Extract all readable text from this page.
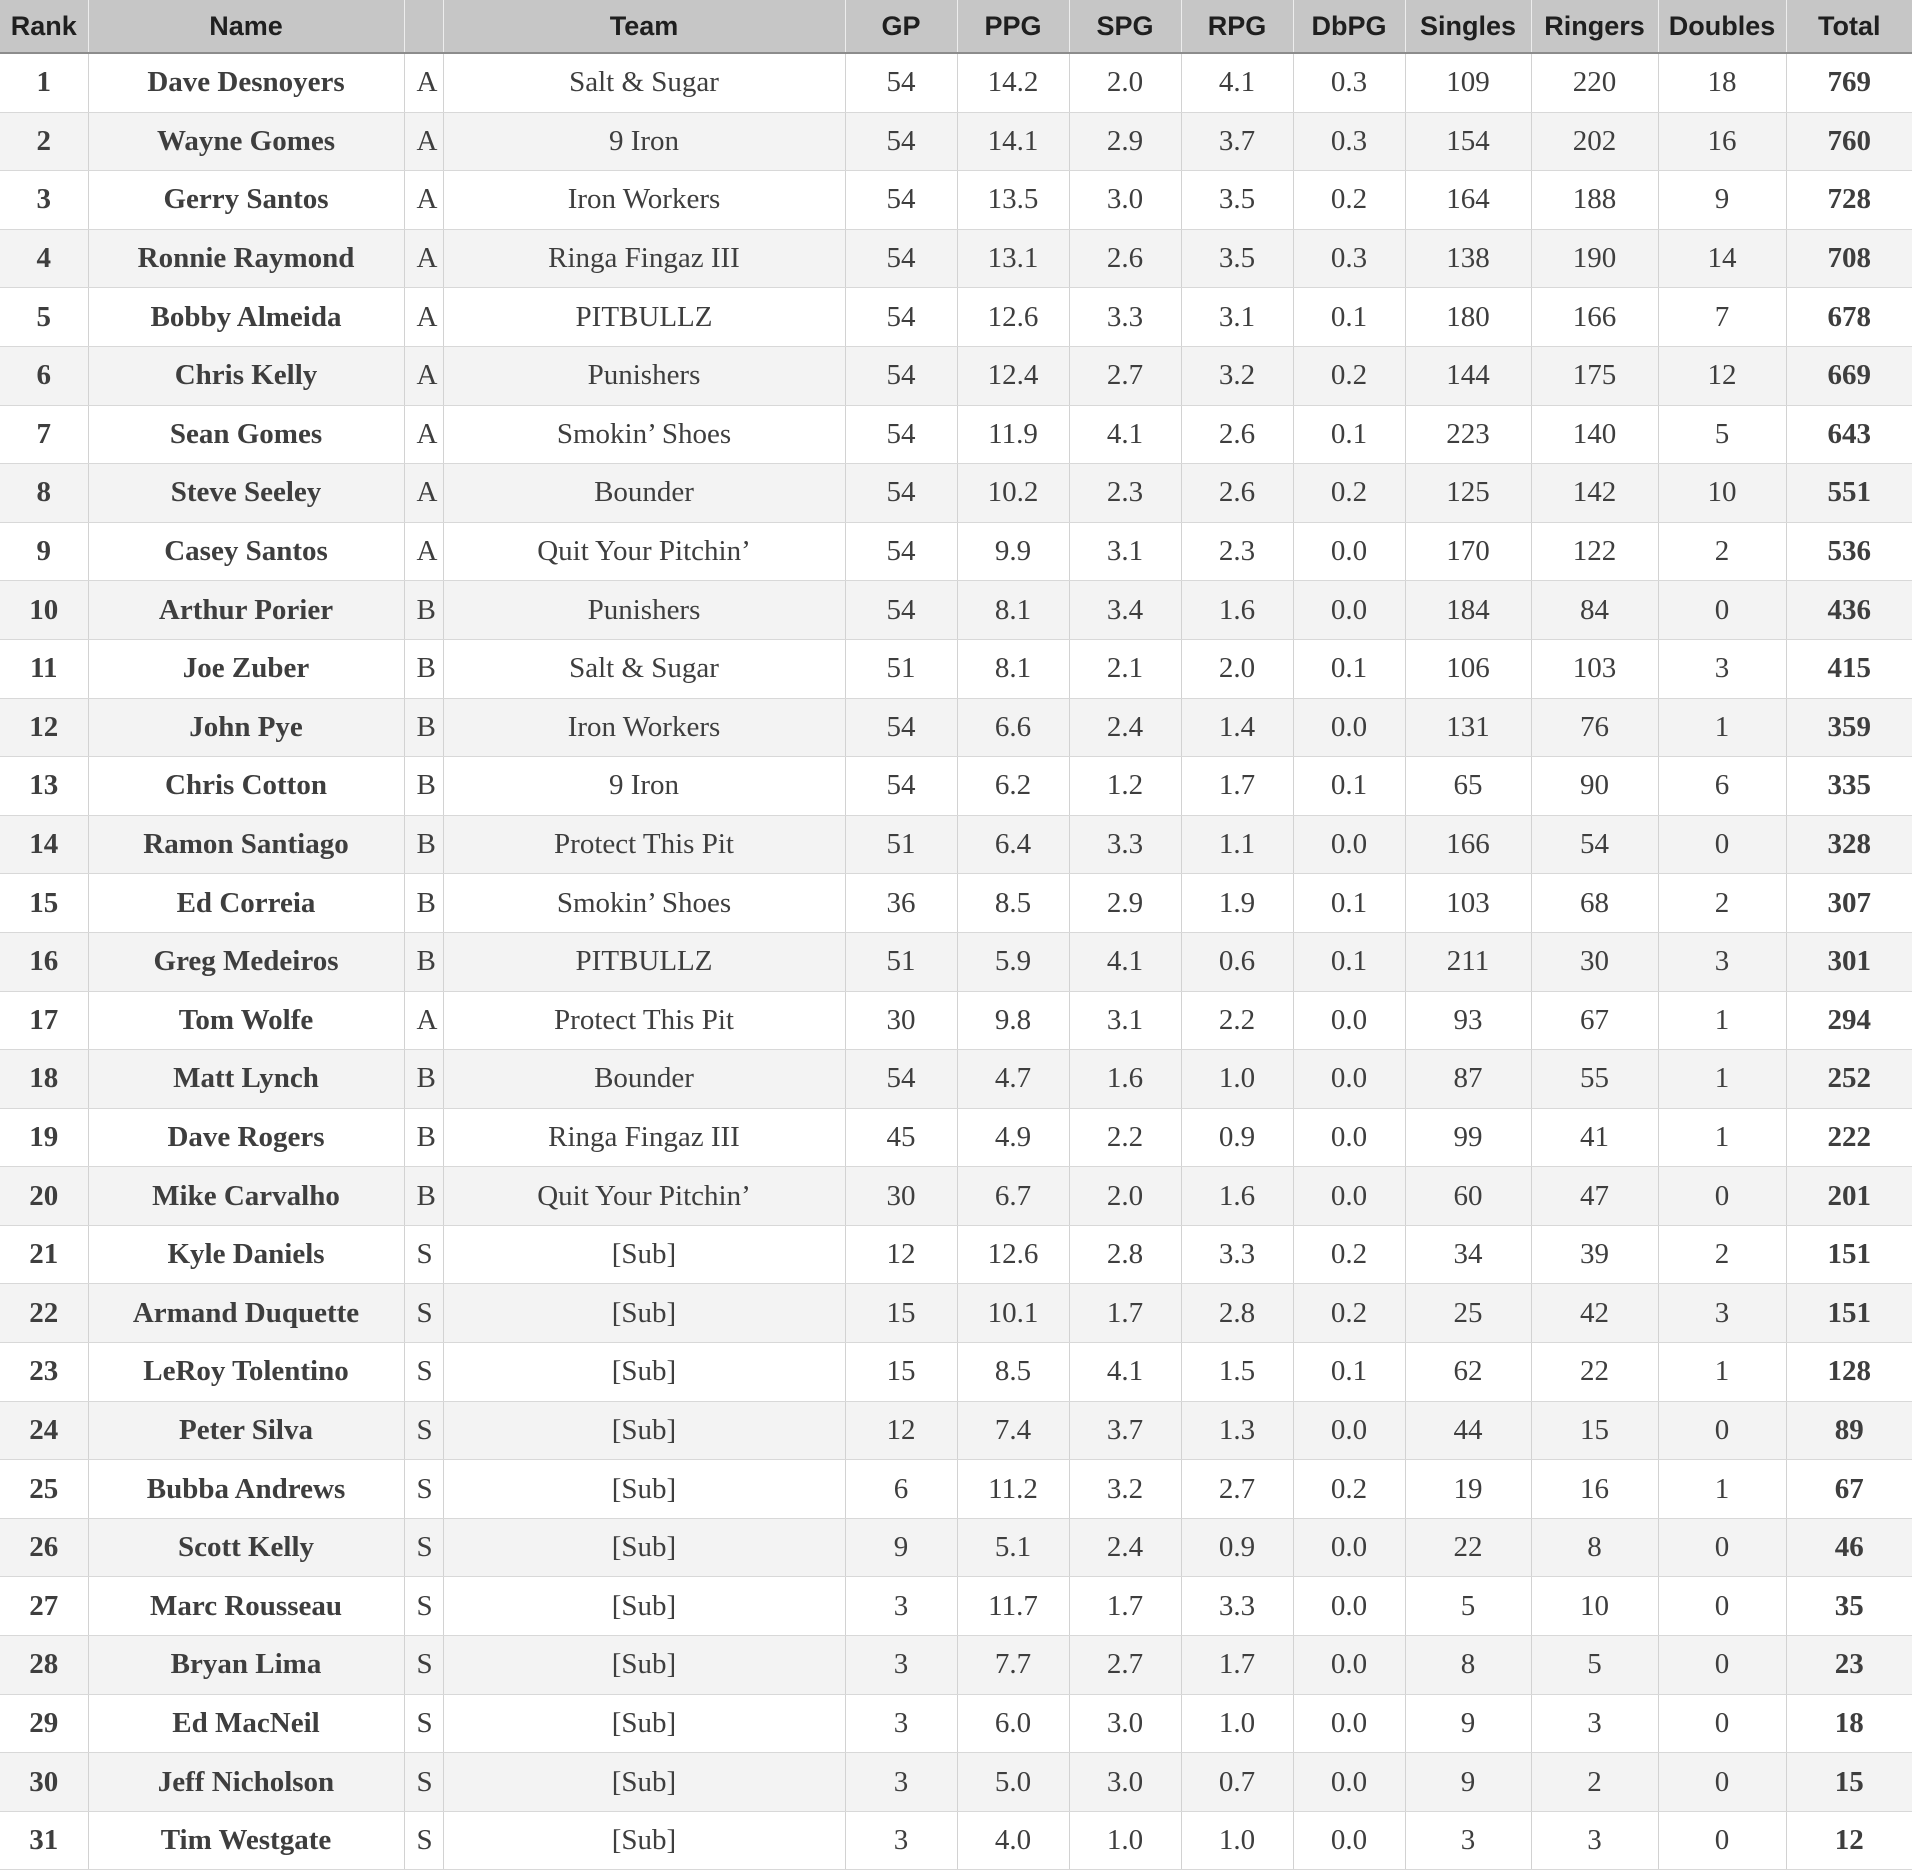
Rank	Name		Team	GP	PPG	SPG	RPG	DbPG	Singles	Ringers	Doubles	Total
1	Dave Desnoyers	A	Salt & Sugar	54	14.2	2.0	4.1	0.3	109	220	18	769
2	Wayne Gomes	A	9 Iron	54	14.1	2.9	3.7	0.3	154	202	16	760
3	Gerry Santos	A	Iron Workers	54	13.5	3.0	3.5	0.2	164	188	9	728
4	Ronnie Raymond	A	Ringa Fingaz III	54	13.1	2.6	3.5	0.3	138	190	14	708
5	Bobby Almeida	A	PITBULLZ	54	12.6	3.3	3.1	0.1	180	166	7	678
6	Chris Kelly	A	Punishers	54	12.4	2.7	3.2	0.2	144	175	12	669
7	Sean Gomes	A	Smokin’ Shoes	54	11.9	4.1	2.6	0.1	223	140	5	643
8	Steve Seeley	A	Bounder	54	10.2	2.3	2.6	0.2	125	142	10	551
9	Casey Santos	A	Quit Your Pitchin’	54	9.9	3.1	2.3	0.0	170	122	2	536
10	Arthur Porier	B	Punishers	54	8.1	3.4	1.6	0.0	184	84	0	436
11	Joe Zuber	B	Salt & Sugar	51	8.1	2.1	2.0	0.1	106	103	3	415
12	John Pye	B	Iron Workers	54	6.6	2.4	1.4	0.0	131	76	1	359
13	Chris Cotton	B	9 Iron	54	6.2	1.2	1.7	0.1	65	90	6	335
14	Ramon Santiago	B	Protect This Pit	51	6.4	3.3	1.1	0.0	166	54	0	328
15	Ed Correia	B	Smokin’ Shoes	36	8.5	2.9	1.9	0.1	103	68	2	307
16	Greg Medeiros	B	PITBULLZ	51	5.9	4.1	0.6	0.1	211	30	3	301
17	Tom Wolfe	A	Protect This Pit	30	9.8	3.1	2.2	0.0	93	67	1	294
18	Matt Lynch	B	Bounder	54	4.7	1.6	1.0	0.0	87	55	1	252
19	Dave Rogers	B	Ringa Fingaz III	45	4.9	2.2	0.9	0.0	99	41	1	222
20	Mike Carvalho	B	Quit Your Pitchin’	30	6.7	2.0	1.6	0.0	60	47	0	201
21	Kyle Daniels	S	[Sub]	12	12.6	2.8	3.3	0.2	34	39	2	151
22	Armand Duquette	S	[Sub]	15	10.1	1.7	2.8	0.2	25	42	3	151
23	LeRoy Tolentino	S	[Sub]	15	8.5	4.1	1.5	0.1	62	22	1	128
24	Peter Silva	S	[Sub]	12	7.4	3.7	1.3	0.0	44	15	0	89
25	Bubba Andrews	S	[Sub]	6	11.2	3.2	2.7	0.2	19	16	1	67
26	Scott Kelly	S	[Sub]	9	5.1	2.4	0.9	0.0	22	8	0	46
27	Marc Rousseau	S	[Sub]	3	11.7	1.7	3.3	0.0	5	10	0	35
28	Bryan Lima	S	[Sub]	3	7.7	2.7	1.7	0.0	8	5	0	23
29	Ed MacNeil	S	[Sub]	3	6.0	3.0	1.0	0.0	9	3	0	18
30	Jeff Nicholson	S	[Sub]	3	5.0	3.0	0.7	0.0	9	2	0	15
31	Tim Westgate	S	[Sub]	3	4.0	1.0	1.0	0.0	3	3	0	12
